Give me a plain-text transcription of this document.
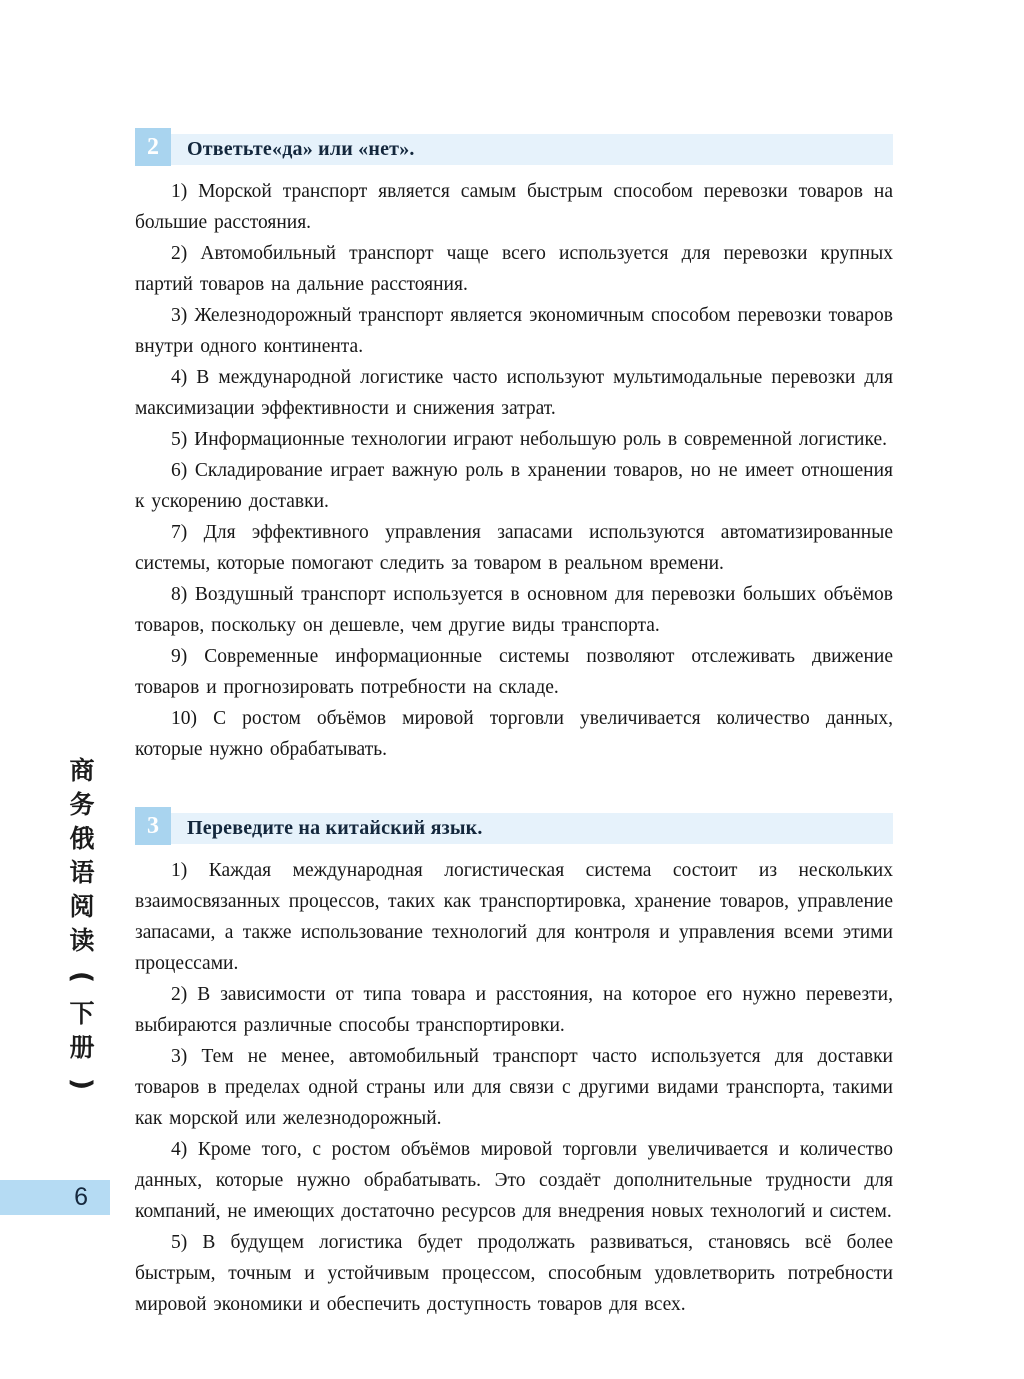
商
务
俄
语
阅
读
(
下
册
)
6
2	Ответьте«да» или «нет».

1) Морской транспорт является самым быстрым способом перевозки товаров на большие расстояния.

2) Автомобильный транспорт чаще всего используется для перевозки крупных партий товаров на дальние расстояния.

3) Железнодорожный транспорт является экономичным способом перевозки товаров внутри одного континента.

4) В международной логистике часто используют мультимодальные перевозки для максимизации эффективности и снижения затрат.

5) Информационные технологии играют небольшую роль в современной логистике.

6) Складирование играет важную роль в хранении товаров, но не имеет отношения к ускорению доставки.

7) Для эффективного управления запасами используются автоматизированные системы, которые помогают следить за товаром в реальном времени.

8) Воздушный транспорт используется в основном для перевозки больших объёмов товаров, поскольку он дешевле, чем другие виды транспорта.

9) Современные информационные системы позволяют отслеживать движение товаров и прогнозировать потребности на складе.

10) С ростом объёмов мировой торговли увеличивается количество данных, которые нужно обрабатывать.

3	Переведите на китайский язык.

1) Каждая международная логистическая система состоит из нескольких взаимосвязанных процессов, таких как транспортировка, хранение товаров, управление запасами, а также использование технологий для контроля и управления всеми этими процессами.

2) В зависимости от типа товара и расстояния, на которое его нужно перевезти, выбираются различные способы транспортировки.

3) Тем не менее, автомобильный транспорт часто используется для доставки товаров в пределах одной страны или для связи с другими видами транспорта, такими как морской или железнодорожный.

4) Кроме того, с ростом объёмов мировой торговли увеличивается и количество данных, которые нужно обрабатывать. Это создаёт дополнительные трудности для компаний, не имеющих достаточно ресурсов для внедрения новых технологий и систем.

5) В будущем логистика будет продолжать развиваться, становясь всё более быстрым, точным и устойчивым процессом, способным удовлетворить потребности мировой экономики и обеспечить доступность товаров для всех.
